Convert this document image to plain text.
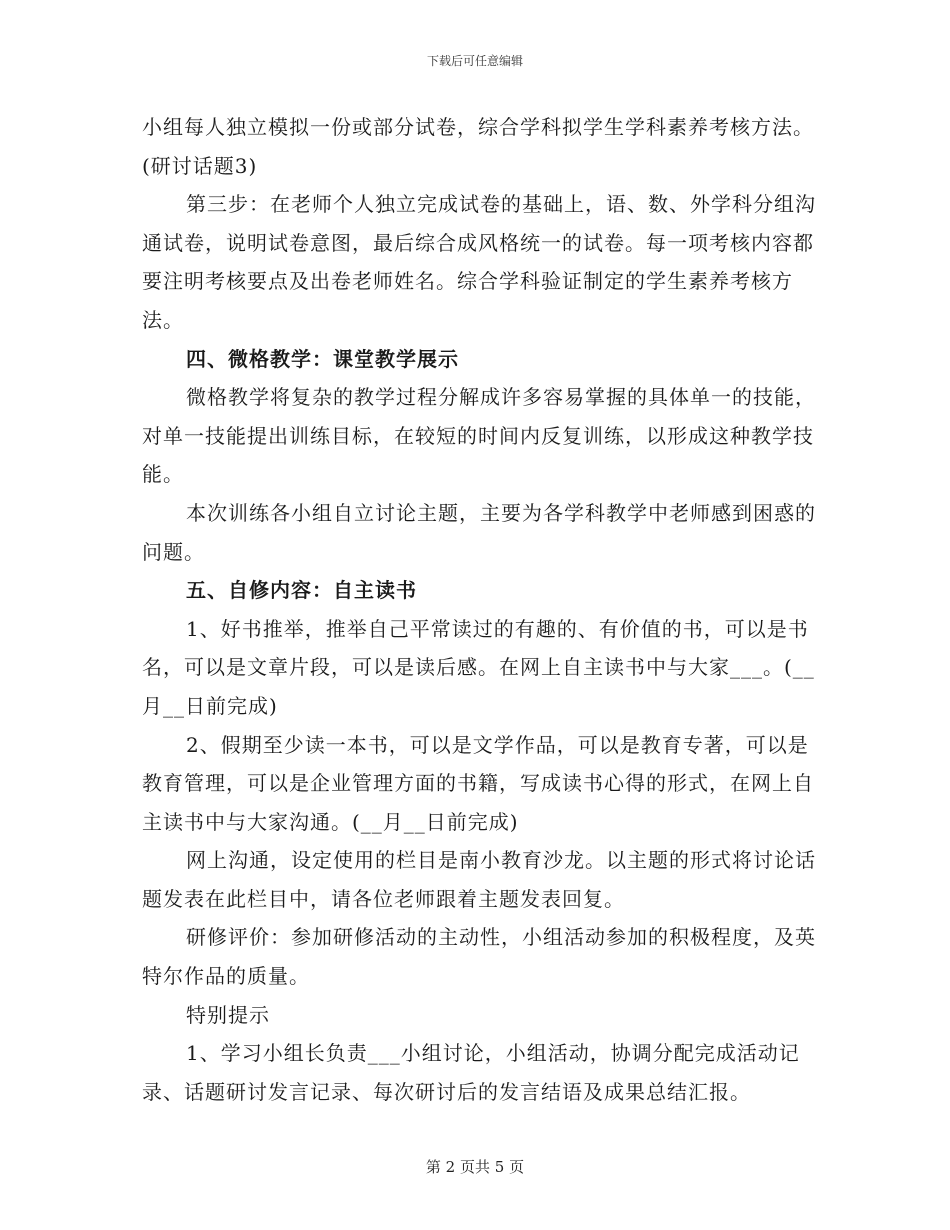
下载后可任意编辑

小组每人独立模拟一份或部分试卷，综合学科拟学生学科素养考核方法。(研讨话题3)

第三步：在老师个人独立完成试卷的基础上，语、数、外学科分组沟通试卷，说明试卷意图，最后综合成风格统一的试卷。每一项考核内容都要注明考核要点及出卷老师姓名。综合学科验证制定的学生素养考核方法。

四、微格教学：课堂教学展示

微格教学将复杂的教学过程分解成许多容易掌握的具体单一的技能，对单一技能提出训练目标，在较短的时间内反复训练，以形成这种教学技能。

本次训练各小组自立讨论主题，主要为各学科教学中老师感到困惑的问题。

五、自修内容：自主读书

1、好书推举，推举自己平常读过的有趣的、有价值的书，可以是书名，可以是文章片段，可以是读后感。在网上自主读书中与大家___。(__月__日前完成)

2、假期至少读一本书，可以是文学作品，可以是教育专著，可以是教育管理，可以是企业管理方面的书籍，写成读书心得的形式，在网上自主读书中与大家沟通。(__月__日前完成)

网上沟通，设定使用的栏目是南小教育沙龙。以主题的形式将讨论话题发表在此栏目中，请各位老师跟着主题发表回复。

研修评价：参加研修活动的主动性，小组活动参加的积极程度，及英特尔作品的质量。

特别提示

1、学习小组长负责___小组讨论，小组活动，协调分配完成活动记录、话题研讨发言记录、每次研讨后的发言结语及成果总结汇报。

第 2 页共 5 页
